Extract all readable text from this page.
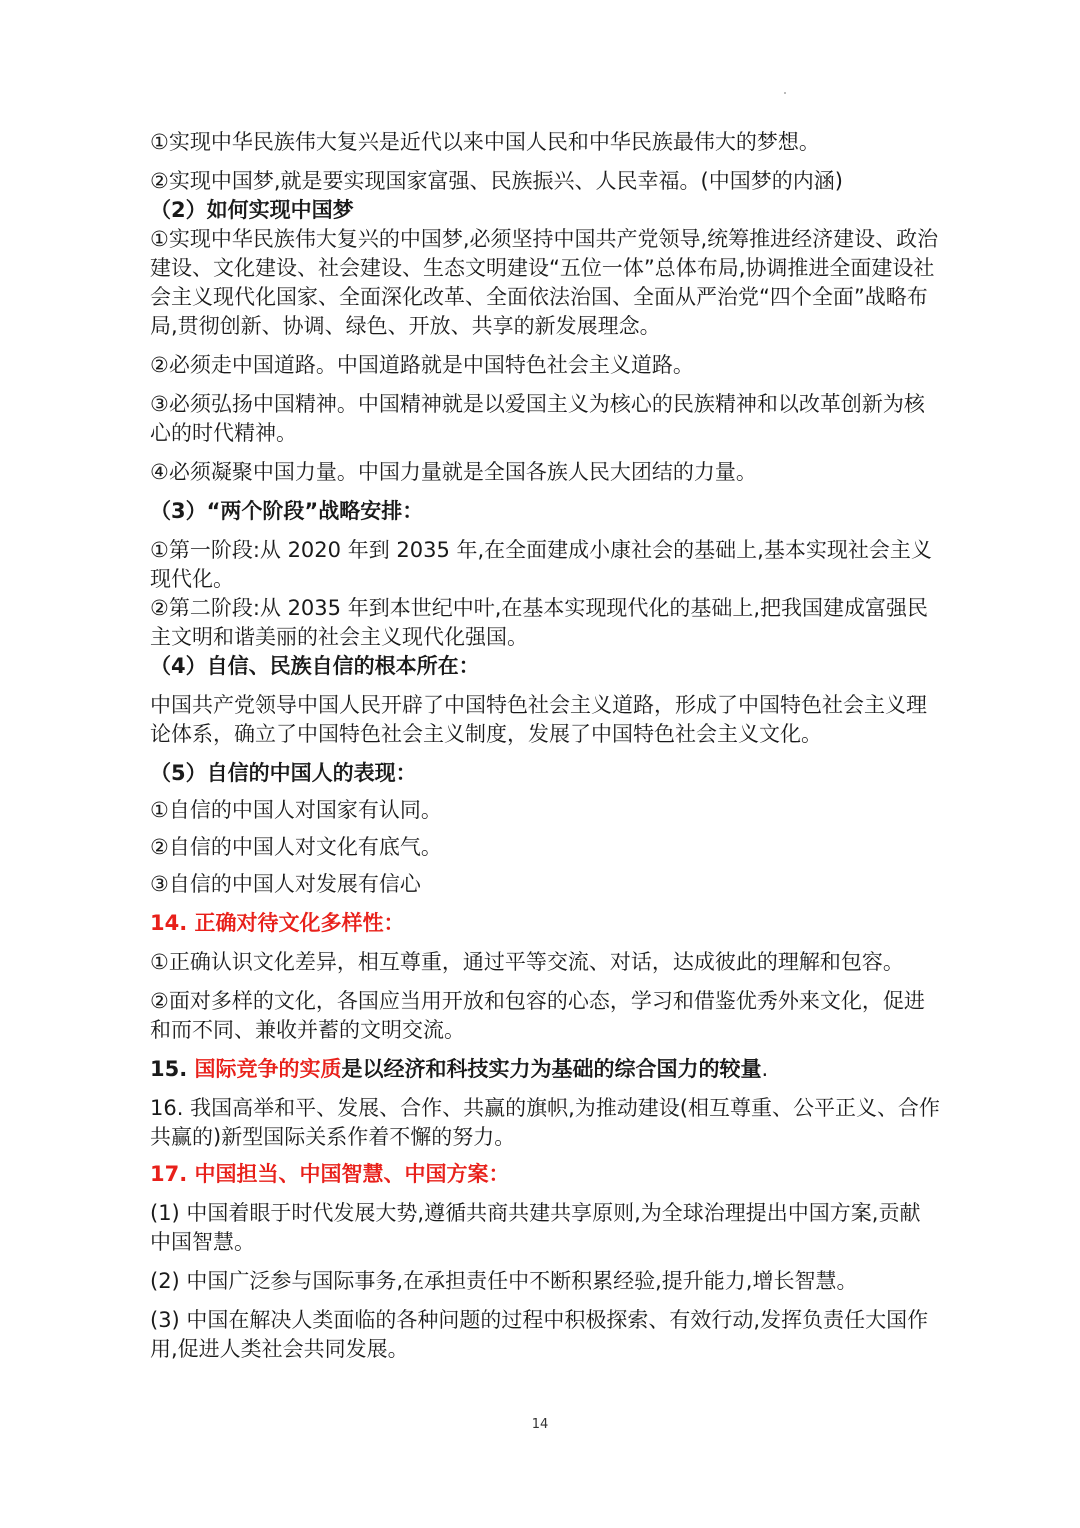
①实现中华民族伟大复兴是近代以来中国人民和中华民族最伟大的梦想。

②实现中国梦,就是要实现国家富强、民族振兴、人民幸福。(中国梦的内涵)

（2）如何实现中国梦

①实现中华民族伟大复兴的中国梦,必须坚持中国共产党领导,统筹推进经济建设、政治建设、文化建设、社会建设、生态文明建设“五位一体”总体布局,协调推进全面建设社会主义现代化国家、全面深化改革、全面依法治国、全面从严治党“四个全面”战略布局,贯彻创新、协调、绿色、开放、共享的新发展理念。

②必须走中国道路。中国道路就是中国特色社会主义道路。

③必须弘扬中国精神。中国精神就是以爱国主义为核心的民族精神和以改革创新为核心的时代精神。

④必须凝聚中国力量。中国力量就是全国各族人民大团结的力量。

（3）“两个阶段”战略安排：

①第一阶段:从 2020 年到 2035 年,在全面建成小康社会的基础上,基本实现社会主义现代化。

②第二阶段:从 2035 年到本世纪中叶,在基本实现现代化的基础上,把我国建成富强民主文明和谐美丽的社会主义现代化强国。

（4）自信、民族自信的根本所在：

中国共产党领导中国人民开辟了中国特色社会主义道路，形成了中国特色社会主义理论体系，确立了中国特色社会主义制度，发展了中国特色社会主义文化。

（5）自信的中国人的表现：

①自信的中国人对国家有认同。

②自信的中国人对文化有底气。

③自信的中国人对发展有信心

14. 正确对待文化多样性：

①正确认识文化差异，相互尊重，通过平等交流、对话，达成彼此的理解和包容。

②面对多样的文化，各国应当用开放和包容的心态，学习和借鉴优秀外来文化，促进和而不同、兼收并蓄的文明交流。

15. 国际竞争的实质是以经济和科技实力为基础的综合国力的较量.

16. 我国高举和平、发展、合作、共赢的旗帜,为推动建设(相互尊重、公平正义、合作共赢的)新型国际关系作着不懈的努力。

17. 中国担当、中国智慧、中国方案：

(1) 中国着眼于时代发展大势,遵循共商共建共享原则,为全球治理提出中国方案,贡献中国智慧。

(2) 中国广泛参与国际事务,在承担责任中不断积累经验,提升能力,增长智慧。

(3) 中国在解决人类面临的各种问题的过程中积极探索、有效行动,发挥负责任大国作用,促进人类社会共同发展。

14
